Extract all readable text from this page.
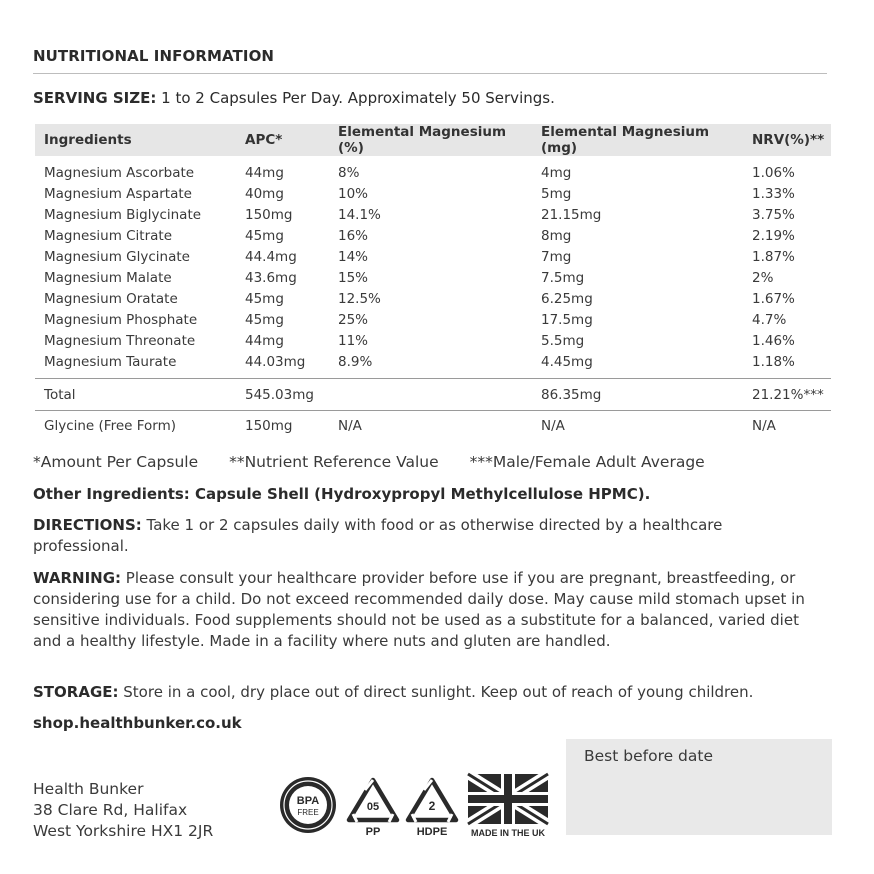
NUTRITIONAL INFORMATION
SERVING SIZE: 1 to 2 Capsules Per Day. Approximately 50 Servings.
Ingredients	APC*	Elemental Magnesium (%)	Elemental Magnesium (mg)	NRV(%)**
Magnesium Ascorbate	44mg	8%	4mg	1.06%
Magnesium Aspartate	40mg	10%	5mg	1.33%
Magnesium Biglycinate	150mg	14.1%	21.15mg	3.75%
Magnesium Citrate	45mg	16%	8mg	2.19%
Magnesium Glycinate	44.4mg	14%	7mg	1.87%
Magnesium Malate	43.6mg	15%	7.5mg	2%
Magnesium Oratate	45mg	12.5%	6.25mg	1.67%
Magnesium Phosphate	45mg	25%	17.5mg	4.7%
Magnesium Threonate	44mg	11%	5.5mg	1.46%
Magnesium Taurate	44.03mg	8.9%	4.45mg	1.18%
Total	545.03mg		86.35mg	21.21%***
Glycine (Free Form)	150mg	N/A	N/A	N/A
*Amount Per Capsule **Nutrient Reference Value ***Male/Female Adult Average
Other Ingredients: Capsule Shell (Hydroxypropyl Methylcellulose HPMC).
DIRECTIONS: Take 1 or 2 capsules daily with food or as otherwise directed by a healthcare professional.
WARNING: Please consult your healthcare provider before use if you are pregnant, breastfeeding, or considering use for a child. Do not exceed recommended daily dose. May cause mild stomach upset in sensitive individuals. Food supplements should not be used as a substitute for a balanced, varied diet and a healthy lifestyle. Made in a facility where nuts and gluten are handled.
STORAGE: Store in a cool, dry place out of direct sunlight. Keep out of reach of young children.
shop.healthbunker.co.uk
Health Bunker
38 Clare Rd, Halifax
West Yorkshire HX1 2JR
BPA
FREE	05
PP
2
HDPE	MADE IN THE UK
Best before date
